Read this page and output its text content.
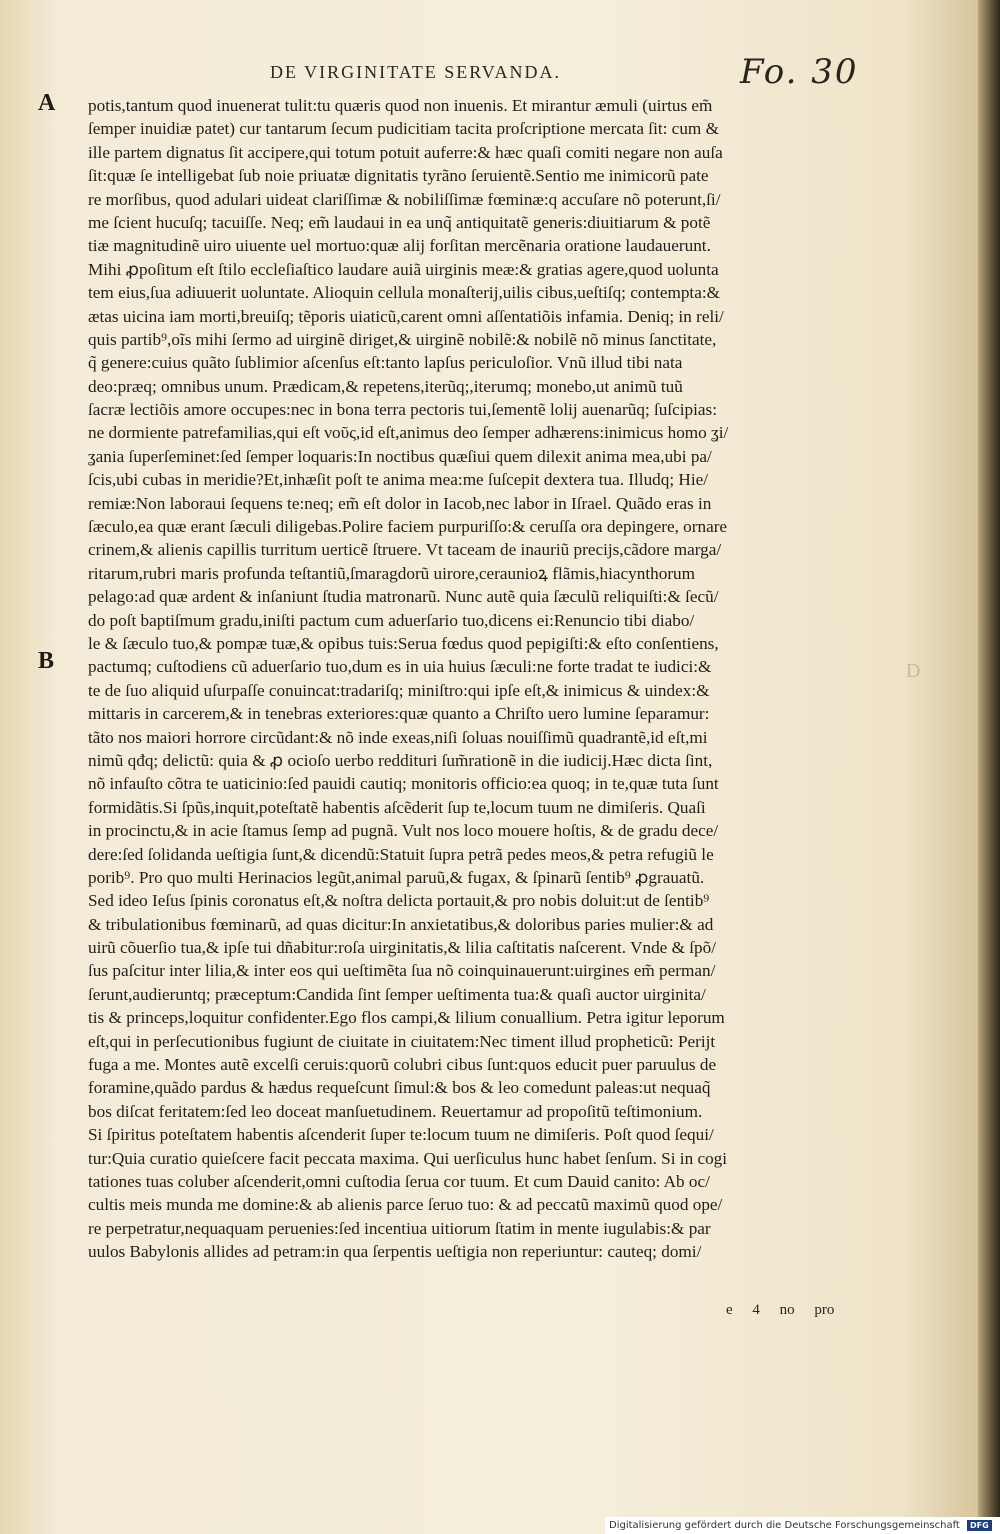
DE VIRGINITATE SERVANDA.	Fo. 30
A
B	D
potis,tantum quod inuenerat tulit:tu quæris quod non inuenis. Et mirantur æmuli (uirtus em̃
ſemper inuidiæ patet) cur tantarum ſecum pudicitiam tacita proſcriptione mercata ſit: cum &
ille partem dignatus ſit accipere,qui totum potuit auferre:& hæc quaſi comiti negare non auſa
ſit:quæ ſe intelligebat ſub noie priuatæ dignitatis tyrãno ſeruientẽ.Sentio me inimicorũ pate
re morſibus, quod adulari uideat clariſſimæ & nobiliſſimæ fœminæ:q accuſare nõ poterunt,ſi/
me ſcient hucuſq; tacuiſſe. Neq; em̃ laudaui in ea unq̃ antiquitatẽ generis:diuitiarum & potẽ
tiæ magnitudinẽ uiro uiuente uel mortuo:quæ alij forſitan mercẽnaria oratione laudauerunt.
Mihi ꝓpoſitum eſt ſtilo eccleſiaſtico laudare auiã uirginis meæ:& gratias agere,quod uolunta
tem eius,ſua adiuuerit uoluntate. Alioquin cellula monaſterij,uilis cibus,ueſtiſq; contempta:&
ætas uicina iam morti,breuiſq; tẽporis uiaticũ,carent omni aſſentatiõis infamia. Deniq; in reli/
quis partib⁹,oĩs mihi ſermo ad uirginẽ diriget,& uirginẽ nobilẽ:& nobilẽ nõ minus ſanctitate,
q̃ genere:cuius quãto ſublimior aſcenſus eſt:tanto lapſus periculoſior. Vnũ illud tibi nata
deo:præq; omnibus unum. Prædicam,& repetens,iterũq;,iterumq; monebo,ut animũ tuũ
ſacræ lectiõis amore occupes:nec in bona terra pectoris tui,ſementẽ lolij auenarũq; ſuſcipias:
ne dormiente patrefamilias,qui eſt νοῦς,id eſt,animus deo ſemper adhærens:inimicus homo ʓi/
ʓania ſuperſeminet:ſed ſemper loquaris:In noctibus quæſiui quem dilexit anima mea,ubi pa/
ſcis,ubi cubas in meridie?Et,inhæſit poſt te anima mea:me ſuſcepit dextera tua. Illudq; Hie/
remiæ:Non laboraui ſequens te:neq; em̃ eſt dolor in Iacob,nec labor in Iſrael. Quãdo eras in
ſæculo,ea quæ erant ſæculi diligebas.Polire faciem purpuriſſo:& ceruſſa ora depingere, ornare
crinem,& alienis capillis turritum uerticẽ ſtruere. Vt taceam de inauriũ precijs,cãdore marga/
ritarum,rubri maris profunda teſtantiũ,ſmaragdorũ uirore,ceraunioꝝ flãmis,hiacynthorum
pelago:ad quæ ardent & inſaniunt ſtudia matronarũ. Nunc autẽ quia ſæculũ reliquiſti:& ſecũ/
do poſt baptiſmum gradu,iniſti pactum cum aduerſario tuo,dicens ei:Renuncio tibi diabo/
le & ſæculo tuo,& pompæ tuæ,& opibus tuis:Serua fœdus quod pepigiſti:& eſto conſentiens,
pactumq; cuſtodiens cũ aduerſario tuo,dum es in uia huius ſæculi:ne forte tradat te iudici:&
te de ſuo aliquid uſurpaſſe conuincat:tradariſq; miniſtro:qui ipſe eſt,& inimicus & uindex:&
mittaris in carcerem,& in tenebras exteriores:quæ quanto a Chriſto uero lumine ſeparamur:
tãto nos maiori horrore circũdant:& nõ inde exeas,niſi ſoluas nouiſſimũ quadrantẽ,id eſt,mi
nimũ qđq; delictũ: quia & ꝓ ocioſo uerbo reddituri ſum̃rationẽ in die iudicij.Hæc dicta ſint,
nõ infauſto cõtra te uaticinio:ſed pauidi cautiq; monitoris officio:ea quoq; in te,quæ tuta ſunt
formidãtis.Si ſpũs,inquit,poteſtatẽ habentis aſcẽderit ſup te,locum tuum ne dimiſeris. Quaſi
in procinctu,& in acie ſtamus ſemp ad pugnã. Vult nos loco mouere hoſtis, & de gradu dece/
dere:ſed ſolidanda ueſtigia ſunt,& dicendũ:Statuit ſupra petrã pedes meos,& petra refugiũ le
porib⁹. Pro quo multi Herinacios legũt,animal paruũ,& fugax, & ſpinarũ ſentib⁹ ꝓgrauatũ.
Sed ideo Ieſus ſpinis coronatus eſt,& noſtra delicta portauit,& pro nobis doluit:ut de ſentib⁹
& tribulationibus fœminarũ, ad quas dicitur:In anxietatibus,& doloribus paries mulier:& ad
uirũ cõuerſio tua,& ipſe tui dñabitur:roſa uirginitatis,& lilia caſtitatis naſcerent. Vnde & ſpõ/
ſus paſcitur inter lilia,& inter eos qui ueſtimẽta ſua nõ coinquinauerunt:uirgines em̃ perman/
ſerunt,audieruntq; præceptum:Candida ſint ſemper ueſtimenta tua:& quaſi auctor uirginita/
tis & princeps,loquitur confidenter.Ego flos campi,& lilium conuallium. Petra igitur leporum
eſt,qui in perſecutionibus fugiunt de ciuitate in ciuitatem:Nec timent illud propheticũ: Perijt
fuga a me. Montes autẽ excelſi ceruis:quorũ colubri cibus ſunt:quos educit puer paruulus de
foramine,quãdo pardus & hædus requeſcunt ſimul:& bos & leo comedunt paleas:ut nequaq̃
bos diſcat feritatem:ſed leo doceat manſuetudinem. Reuertamur ad propoſitũ teſtimonium.
Si ſpiritus poteſtatem habentis aſcenderit ſuper te:locum tuum ne dimiſeris. Poſt quod ſequi/
tur:Quia curatio quieſcere facit peccata maxima. Qui uerſiculus hunc habet ſenſum. Si in cogi
tationes tuas coluber aſcenderit,omni cuſtodia ſerua cor tuum. Et cum Dauid canito: Ab oc/
cultis meis munda me domine:& ab alienis parce ſeruo tuo: & ad peccatũ maximũ quod ope/
re perpetratur,nequaquam peruenies:ſed incentiua uitiorum ſtatim in mente iugulabis:& par
uulos Babylonis allides ad petram:in qua ſerpentis ueſtigia non reperiuntur: cauteq; domi/
e 4 no pro
Digitalisierung gefördert durch die Deutsche Forschungsgemeinschaft DFG
